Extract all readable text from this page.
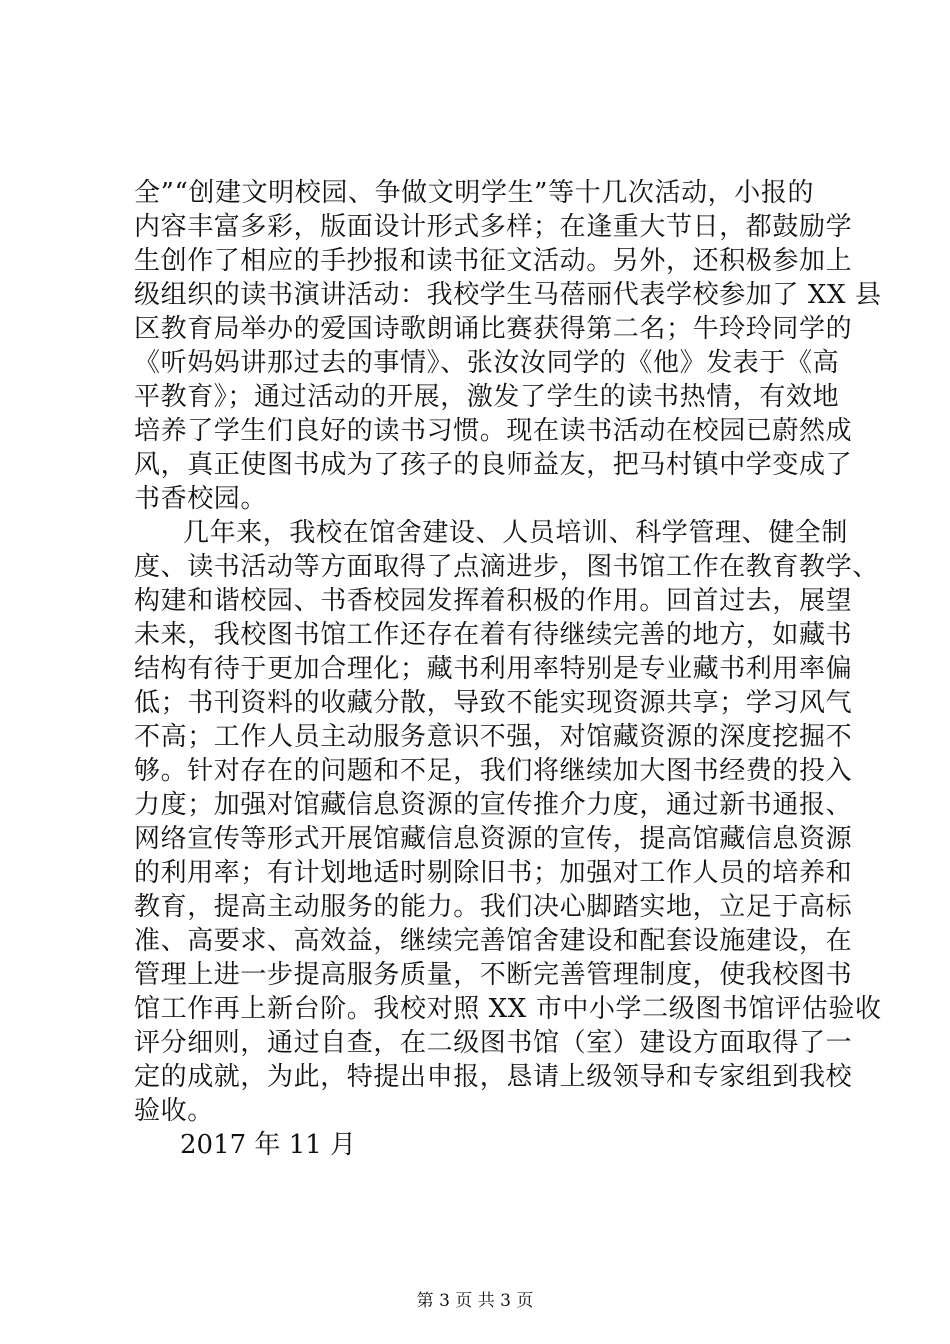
全”“创建文明校园、争做文明学生”等十几次活动，小报的
内容丰富多彩，版面设计形式多样；在逢重大节日，都鼓励学
生创作了相应的手抄报和读书征文活动。另外，还积极参加上
级组织的读书演讲活动：我校学生马蓓丽代表学校参加了 XX 县
区教育局举办的爱国诗歌朗诵比赛获得第二名；牛玲玲同学的
《听妈妈讲那过去的事情》、张汝汝同学的《他》发表于《高
平教育》；通过活动的开展，激发了学生的读书热情，有效地
培养了学生们良好的读书习惯。现在读书活动在校园已蔚然成
风，真正使图书成为了孩子的良师益友，把马村镇中学变成了
书香校园。
几年来，我校在馆舍建设、人员培训、科学管理、健全制
度、读书活动等方面取得了点滴进步，图书馆工作在教育教学、
构建和谐校园、书香校园发挥着积极的作用。回首过去，展望
未来，我校图书馆工作还存在着有待继续完善的地方，如藏书
结构有待于更加合理化；藏书利用率特别是专业藏书利用率偏
低；书刊资料的收藏分散，导致不能实现资源共享；学习风气
不高；工作人员主动服务意识不强，对馆藏资源的深度挖掘不
够。针对存在的问题和不足，我们将继续加大图书经费的投入
力度；加强对馆藏信息资源的宣传推介力度，通过新书通报、
网络宣传等形式开展馆藏信息资源的宣传，提高馆藏信息资源
的利用率；有计划地适时剔除旧书；加强对工作人员的培养和
教育，提高主动服务的能力。我们决心脚踏实地，立足于高标
准、高要求、高效益，继续完善馆舍建设和配套设施建设，在
管理上进一步提高服务质量，不断完善管理制度，使我校图书
馆工作再上新台阶。我校对照 XX 市中小学二级图书馆评估验收
评分细则，通过自查，在二级图书馆（室）建设方面取得了一
定的成就，为此，特提出申报，恳请上级领导和专家组到我校
验收。
2017 年 11 月
第 3 页 共 3 页
